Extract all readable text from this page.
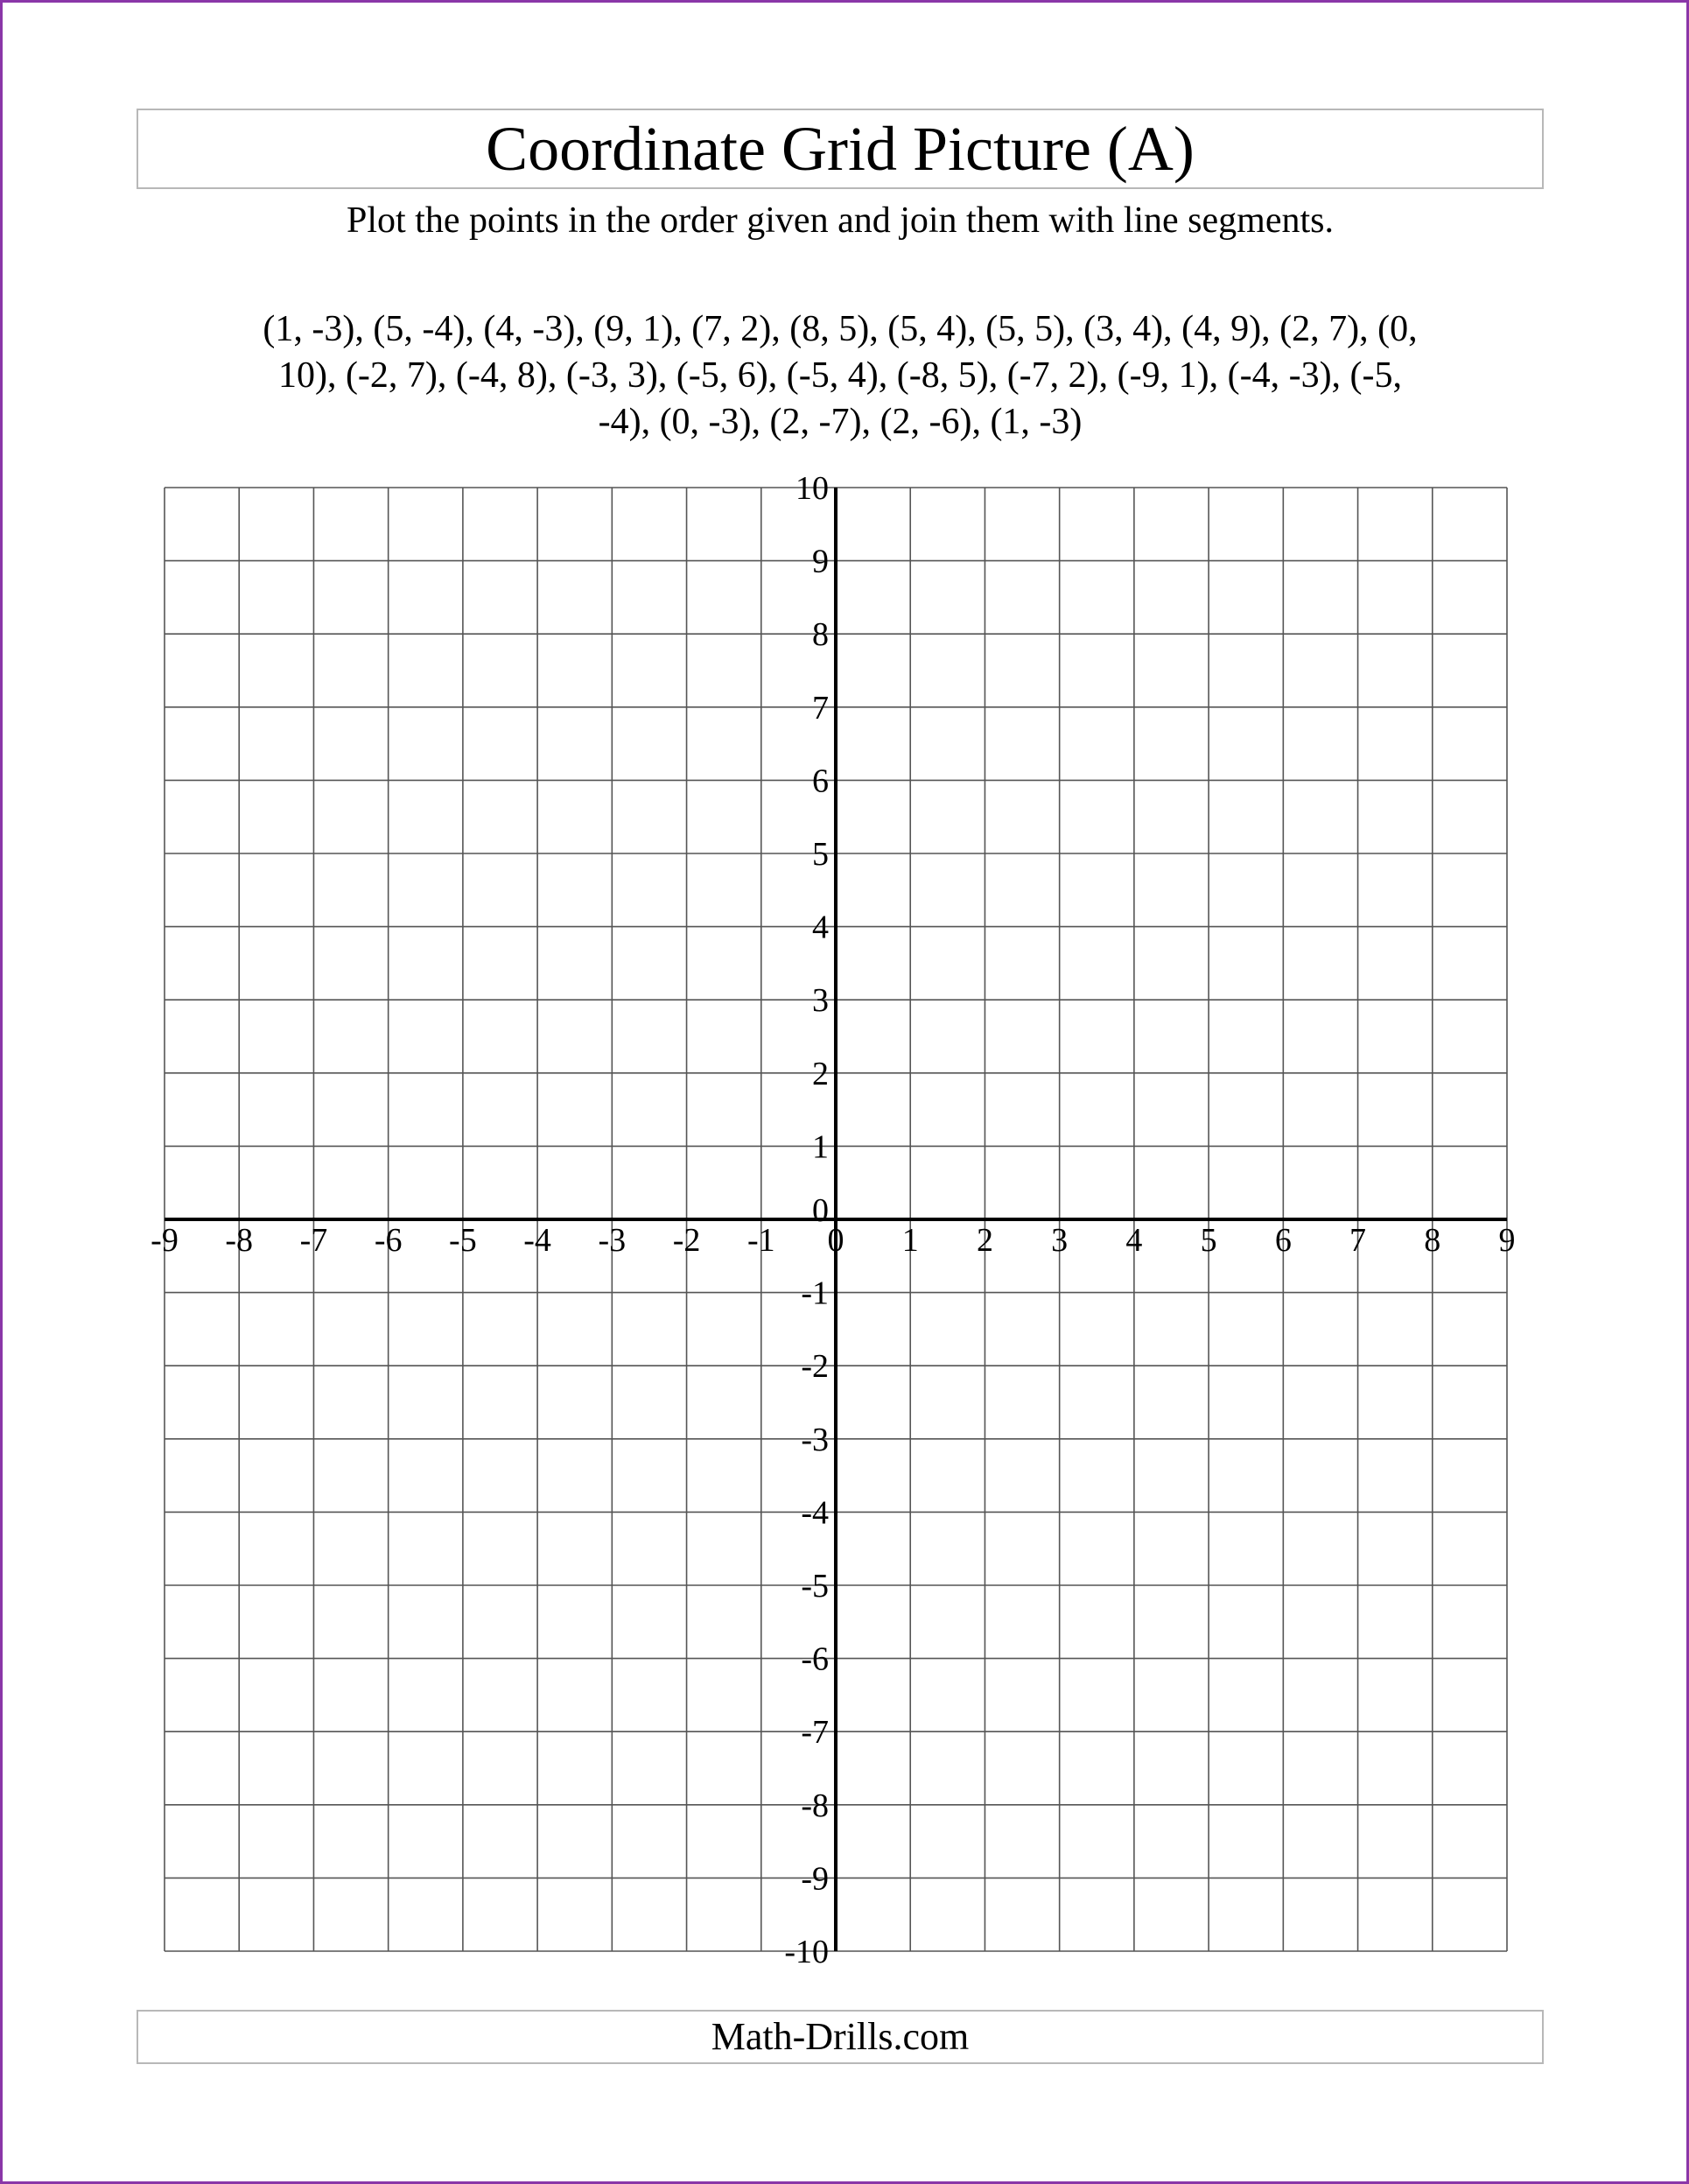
Coordinate Grid Picture (A)
Plot the points in the order given and join them with line segments.

(1, -3), (5, -4), (4, -3), (9, 1), (7, 2), (8, 5), (5, 4), (5, 5), (3, 4), (4, 9), (2, 7), (0,

10), (-2, 7), (-4, 8), (-3, 3), (-5, 6), (-5, 4), (-8, 5), (-7, 2), (-9, 1), (-4, -3), (-5,

-4), (0, -3), (2, -7), (2, -6), (1, -3)

-9 -8 -7 -6 -5 -4 -3 -2 -1 0 1 2 3 4 5 6 7 8 9
10
9
8
7
6
5
4
3
2
1
-1
-2
-3
-4
-5
-6
-7
-8
-9
-10
0
Math-Drills.com
